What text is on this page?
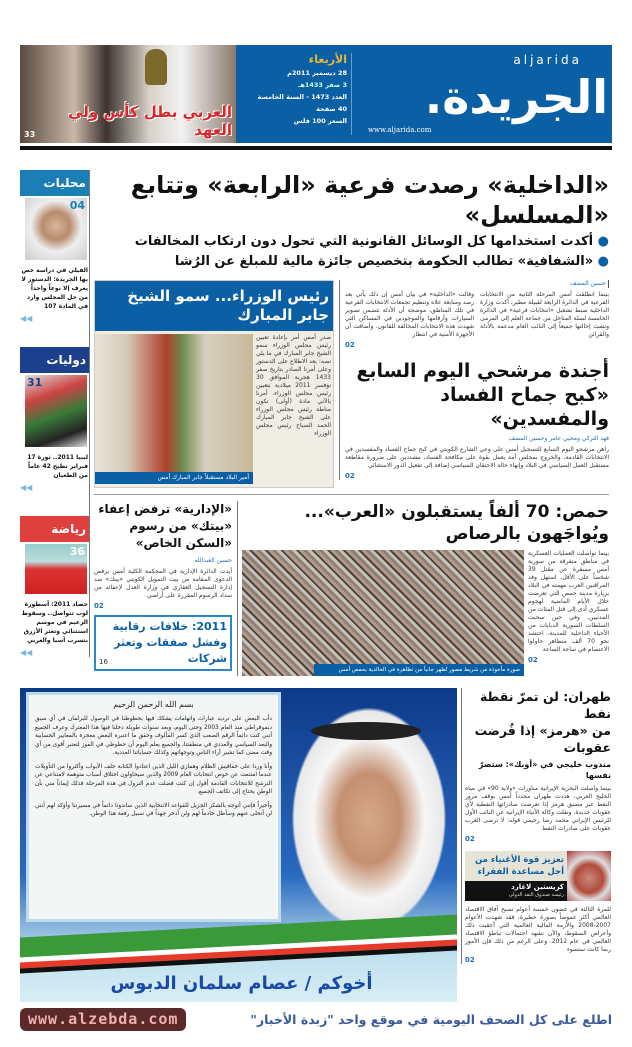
33
العربي بطل كأس ولي العهد
الأربعاء
28 ديسمبر 2011م
3 صفر 1433هـ
العدد 1473 - السنة الخامسة
40 صفحة
السعر 100 فلس
aljarida
الجريدة.
www.aljarida.com
محليات
04
الفيلي في دراسة خص بها الجريدة: الدستور لا يعرف إلا نوعاً واحداً من حل المجلس وارد في المادة 107
◀◀
دوليات
31
ليبيا 2011.. ثورة 17 فبراير تطيح 42 عاماً من الطغيان
◀◀
رياضة
36
حصاد 2011: أسطورة لوب تتواصل.. وسقوط الزعيم في موسم استثنائي وتعثر الأزرق بتسرب آسيا والعربي
◀◀
«الداخلية» رصدت فرعية «الرابعة» وتتابع «المسلسل»
● أكدت استخدامها كل الوسائل القانونية التي تحول دون ارتكاب المخالفات
● «الشفافية» تطالب الحكومة بتخصيص جائزة مالية للمبلغ عن الرُشا
رئيس الوزراء... سمو الشيخ جابر المبارك
أمير البلاد مستقبلاً جابر المبارك أمس
صدر أمس أمر بإعادة تعيين رئيس مجلس الوزراء سمو الشيخ جابر المبارك في ما يلي نصه: بعد الاطلاع على الدستور وعلى أمرنا الصادر بتاريخ صفر 1433 هجرية الموافق 30 نوفمبر 2011 ميلادية بتعيين رئيس مجلس الوزراء. أمرنا بالآتي مادة (أولى) تكون مناطة رئيس مجلس الوزراء على الشيخ جابر المبارك الحمد الصباح رئيس مجلس الوزراء
حسين المضف
وقالت «الداخلية» في بيان أمس إن ذلك يأتي بعد رصد ومتابعة علاه وتنظيم تجمعات الانتخابات الفرعية في تلك المناطق، موضحة أن الأدلة تتضمن تصوير السيارات وأرقامها والموجودين في المساكن التي شهدت هذه الانتخابات المخالفة للقانون. وأضافت أن الأجهزة الأمنية في انتظار
02
بينما انطلقت أمس المرحلة الثانية من الانتخابات الفرعية في الدائرة الرابعة لقبيلة مطير، أكدت وزارة الداخلية ضبط تشغيل «انتخابات فرعية» في الدائرة الخامسة لسلة المتاخل من جماعة العلم إلى المرمى ونشت إحالتها جميعاً إلى النائب العام مدعمة بالأدلة والقرائن
أجندة مرشحي اليوم السابع
«كبح جماح الفساد والمفسدين»
فهد التركي ومحيي عامر وحسين المضف
راهن مرشحو اليوم السابع للتسجيل أمس على وعي الشارع الكويتي في كبح جماح الفساد والمفسدين في الانتخابات القادمة، والخروج بمجلس أمة يعمل بقوة على مكافحة الفساد، مشددين على ضرورة مقاطعة مستقبل العمل السياسي في البلاد وإنهاء حالة الاحتقان السياسي إضافة إلى تفعيل الدور الاستثنائي
02
«الإدارية» ترفض إعفاء «بيتك» من رسوم «السكن الخاص»
حسين العبدالله
أيدت الدائرة الإدارية في المحكمة الكلية أمس برفض الدعوى المقامة من بيت التمويل الكويتي «بيتك» ضد إدارة التسجيل العقاري في وزارة العدل لإعفائه من سداد الرسوم المقررة على أراضي
02
16
2011: خلافات رقابية وفشل صفقات وتعثر شركات
حمص: 70 ألفاً يستقبلون «العرب»... ويُواجَهون بالرصاص
صورة مأخوذة من شريط مصور تُظهر جانباً من تظاهرة في الخالدية بحمص أمس
بينما تواصلت العمليات العسكرية في مناطق متفرقة من سورية أمس مسفرة عن مقتل 39 شخصاً على الأقل، استهل وفد المراقبين العرب مهمته في البلاد بزيارة مدينة حمص التي تعرضت خلال الأيام الماضية لهجوم عسكري أدى إلى قتل المئات من المدنيين. وفي حين سحبت السلطات السورية الدبابات من الأحياء الداخلية للمدينة، احتشد نحو 70 ألف متظاهر حاولوا الاعتصام في ساحة الساعة
02
بسم الله الرحمن الرحيم
دأب البعض على ترديد عبارات واتهامات يشكك فيها بحظوظنا في الوصول للبرلمان في أي سبق ديموقراطي منذ العام 2003 وحتى اليوم، وبعد سنوات طويلة دخلنا فيها هذا المعترك وعرف الجميع أنني كنت دائماً الرقم الصعب الذي كسر المألوف وحقق ما اعتبره البعض معجزة بالمعايير الحسابية والبعد السياسي والعددي في منطقتنا، والجميع يعلم اليوم أن حظوظي في الفوز لتعتبر أقوى من أي وقت مضى كما تشير آراء الناس وتوجهاتهم وكذلك حساباتنا العددية.
وأنا وردا على خفافيش الظلام وهمازي الليل الذين اعتادوا الكتابة خلف الأبواب وأكثروا من التأويلات عندما امتنعت عن خوض انتخابات العام 2009 والذين سيحاولون اختلاق أسباب متوهمة لامتناعي عن الترشح للانتخابات القادمة أقول إن كنت فضلت عدم النزول في هذه المرحلة فذلك إيماناً مني بأن الوطن يحتاج إلى تكاتف الجميع.
وأخيراً فإنني أتوجه بالشكر الجزيل للقواعد الانتخابية الذين ساندونا دائماً في مسيرتنا وأؤكد لهم أنني لن أتخلى عنهم وسأظل خادماً لهم ولن أدخر جهداً في سبيل رفعة هذا الوطن.
أخوكم / عصام سلمان الدبوس
طهران: لن تمرّ نقطة نفط
من «هرمز» إذا فُرضت عقوبات
مندوب خليجي في «أوبك»: ستضرّ نفسها
بينما واصلت البحرية الإيرانية مناورات «ولاية 90» في مياه الخليج العربي، هددت طهران مجدداً أمس بوقف مرور النفط عبر مضيق هرمز إذا تعرضت صادراتها النفطية لأي عقوبات جديدة. ونقلت وكالة الأنباء الإيرانية عن النائب الأول للرئيس الإيراني محمد رضا رحيمي قوله: لا ترضى الغرب عقوبات على صادرات النفط
02
تعزيز قوة الأغنياء من أجل مساعدة الفقراء
كريستين لاغارد
رئيسة صندوق النقد الدولي
للمرة الثالثة في غضون خمسة أعوام تصبح آفاق الاقتصاد العالمي أكثر غموضاً بصورة خطيرة، فقد شهدت الأعوام 2007-2008 والأزمة المالية العالمية التي أعقبت ذلك وأعراض السقوط، والآن نشهد احتمالات تباطؤ الاقتصاد العالمي في عام 2012. وعلى الرغم من ذلك فإن الأمور ربما كانت ستسوء
02
www.alzebda.com	اطلع على كل الصحف اليومية في موقع واحد "زبدة الأخبار"
